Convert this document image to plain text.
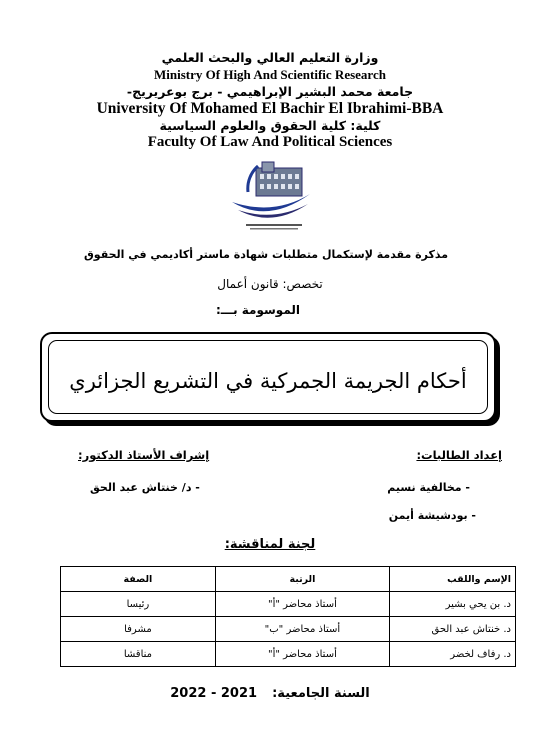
وزارة التعليم العالي والبحث العلمي
Ministry Of High And Scientific Research
جامعة محمد البشير الإبراهيمي - برج بوعريريج-
University Of Mohamed El Bachir El Ibrahimi-BBA
كلية: كلية الحقوق والعلوم السياسية
Faculty Of Law And Political Sciences
مذكرة مقدمة لإستكمال متطلبات شهادة ماستر أكاديمي في الحقوق
تخصص: قانون أعمال
الموسومة بـــ:
أحكام الجريمة الجمركية في التشريع الجزائري
إعداد الطالبات:
- مخالفية نسيم
- بودشيشة أيمن
إشراف الأستاذ الدكتور:
- د/ خنتاش عبد الحق
لجنة لمناقشة:
الإسم واللقب	الرتبة	الصفة
د. بن يحي بشير	أستاذ محاضر "أ"	رئيسا
د. خنتاش عبد الحق	أستاذ محاضر "ب"	مشرفا
د. رفاف لخضر	أستاذ محاضر "أ"	مناقشا
السنة الجامعية:  2022 - 2021
